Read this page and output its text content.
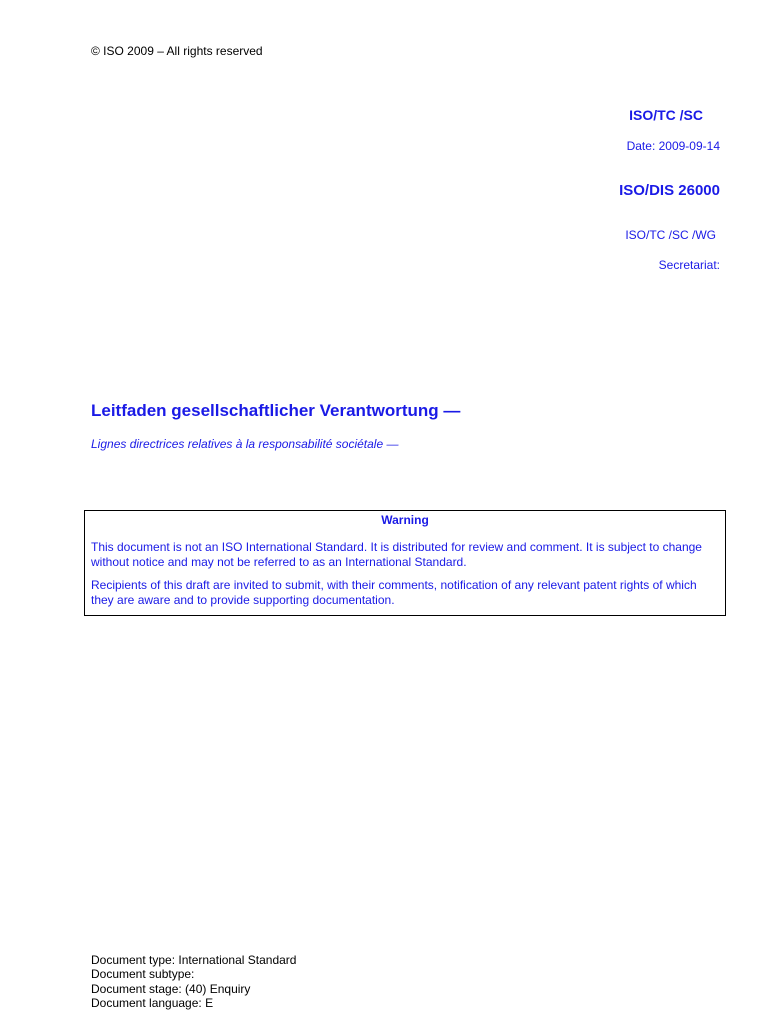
© ISO 2009 – All rights reserved
ISO/TC /SC
Date: 2009-09-14
ISO/DIS 26000
ISO/TC /SC /WG
Secretariat:
Leitfaden gesellschaftlicher Verantwortung —
Lignes directrices relatives à la responsabilité sociétale —
Warning

This document is not an ISO International Standard. It is distributed for review and comment. It is subject to change without notice and may not be referred to as an International Standard.

Recipients of this draft are invited to submit, with their comments, notification of any relevant patent rights of which they are aware and to provide supporting documentation.

Document type: International Standard
Document subtype:
Document stage: (40) Enquiry
Document language: E
